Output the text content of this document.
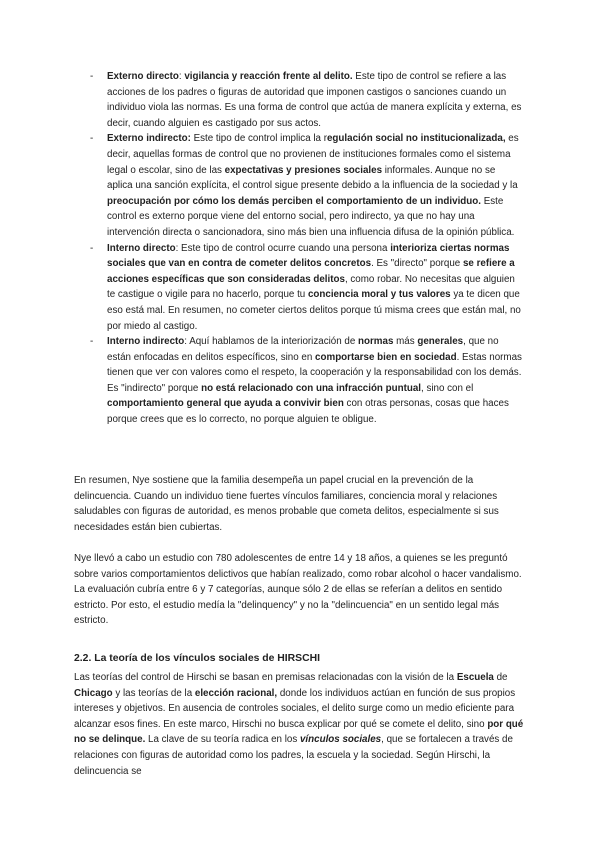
- Externo directo: vigilancia y reacción frente al delito. Este tipo de control se refiere a las acciones de los padres o figuras de autoridad que imponen castigos o sanciones cuando un individuo viola las normas. Es una forma de control que actúa de manera explícita y externa, es decir, cuando alguien es castigado por sus actos.
- Externo indirecto: Este tipo de control implica la regulación social no institucionalizada, es decir, aquellas formas de control que no provienen de instituciones formales como el sistema legal o escolar, sino de las expectativas y presiones sociales informales. Aunque no se aplica una sanción explícita, el control sigue presente debido a la influencia de la sociedad y la preocupación por cómo los demás perciben el comportamiento de un individuo. Este control es externo porque viene del entorno social, pero indirecto, ya que no hay una intervención directa o sancionadora, sino más bien una influencia difusa de la opinión pública.
- Interno directo: Este tipo de control ocurre cuando una persona interioriza ciertas normas sociales que van en contra de cometer delitos concretos. Es "directo" porque se refiere a acciones específicas que son consideradas delitos, como robar. No necesitas que alguien te castigue o vigile para no hacerlo, porque tu conciencia moral y tus valores ya te dicen que eso está mal. En resumen, no cometer ciertos delitos porque tú misma crees que están mal, no por miedo al castigo.
- Interno indirecto: Aquí hablamos de la interiorización de normas más generales, que no están enfocadas en delitos específicos, sino en comportarse bien en sociedad. Estas normas tienen que ver con valores como el respeto, la cooperación y la responsabilidad con los demás. Es "indirecto" porque no está relacionado con una infracción puntual, sino con el comportamiento general que ayuda a convivir bien con otras personas, cosas que haces porque crees que es lo correcto, no porque alguien te obligue.

En resumen, Nye sostiene que la familia desempeña un papel crucial en la prevención de la delincuencia. Cuando un individuo tiene fuertes vínculos familiares, conciencia moral y relaciones saludables con figuras de autoridad, es menos probable que cometa delitos, especialmente si sus necesidades están bien cubiertas.

Nye llevó a cabo un estudio con 780 adolescentes de entre 14 y 18 años, a quienes se les preguntó sobre varios comportamientos delictivos que habían realizado, como robar alcohol o hacer vandalismo. La evaluación cubría entre 6 y 7 categorías, aunque sólo 2 de ellas se referían a delitos en sentido estricto. Por esto, el estudio medía la "delinquency" y no la "delincuencia" en un sentido legal más estricto.

2.2. La teoría de los vínculos sociales de HIRSCHI

Las teorías del control de Hirschi se basan en premisas relacionadas con la visión de la Escuela de Chicago y las teorías de la elección racional, donde los individuos actúan en función de sus propios intereses y objetivos. En ausencia de controles sociales, el delito surge como un medio eficiente para alcanzar esos fines. En este marco, Hirschi no busca explicar por qué se comete el delito, sino por qué no se delinque. La clave de su teoría radica en los vínculos sociales, que se fortalecen a través de relaciones con figuras de autoridad como los padres, la escuela y la sociedad. Según Hirschi, la delincuencia se
